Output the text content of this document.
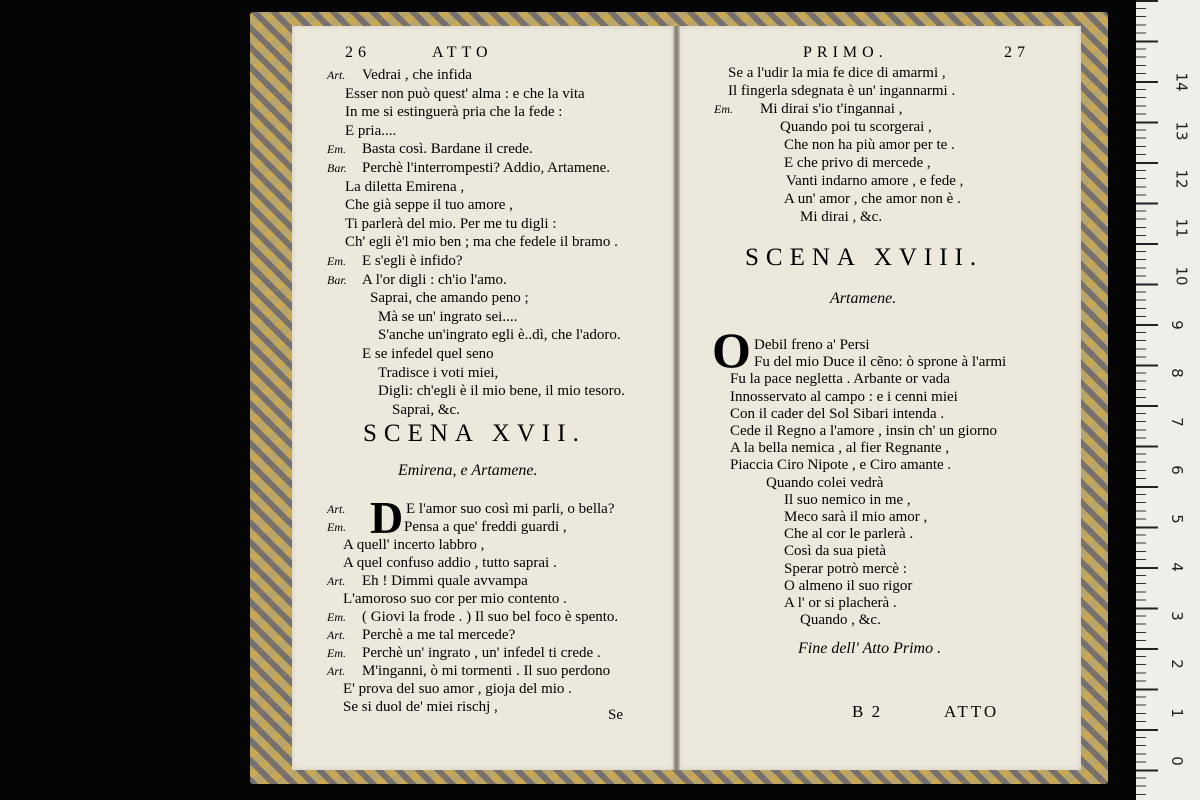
26	ATTO	PRIMO.	27
Art. Vedrai , che infida
Esser non può quest' alma : e che la vita
In me si estinguerà pria che la fede :
E pria....
Em. Basta così. Bardane il crede.
Bar. Perchè l'interrompesti? Addio, Artamene.
La diletta Emirena ,
Che già seppe il tuo amore ,
Ti parlerà del mio. Per me tu digli :
Ch' egli è'l mio ben ; ma che fedele il bramo .
Em. E s'egli è infido?
Bar. A l'or digli : ch'io l'amo.
Saprai, che amando peno ;
Mà se un' ingrato sei....
S'anche un'ingrato egli è..dì, che l'adoro.
E se infedel quel seno
Tradisce i voti miei,
Digli: ch'egli è il mio bene, il mio tesoro.
Saprai, &c.
SCENA XVII.
Emirena, e Artamene.
D
Art.	E l'amor suo così mi parli, o bella?
Em.	Pensa a que' freddi guardi ,
A quell' incerto labbro ,
A quel confuso addio , tutto saprai .
Art. Eh ! Dimmi quale avvampa
L'amoroso suo cor per mio contento .
Em. ( Giovi la frode . ) Il suo bel foco è spento.
Art. Perchè a me tal mercede?
Em. Perchè un' ingrato , un' infedel ti crede .
Art. M'inganni, ò mi tormenti . Il suo perdono
E' prova del suo amor , gioja del mio .
Se si duol de' miei rischj ,	Se
Se a l'udir la mia fe dice di amarmi ,
Il fingerla sdegnata è un' ingannarmi .
Em. Mi dirai s'io t'ingannai ,
Quando poi tu scorgerai ,
Che non ha più amor per te .
E che privo di mercede ,
Vanti indarno amore , e fede ,
A un' amor , che amor non è .
Mi dirai , &c.
SCENA XVIII.
Artamene.
O Debil freno a' Persi
Fu del mio Duce il cẽno: ò sprone à l'armi
Fu la pace negletta . Arbante or vada
Innosservato al campo : e i cenni miei
Con il cader del Sol Sibari intenda .
Cede il Regno a l'amore , insin ch' un giorno
A la bella nemica , al fier Regnante ,
Piaccia Ciro Nipote , e Ciro amante .
Quando colei vedrà
Il suo nemico in me ,
Meco sarà il mio amor ,
Che al cor le parlerà .
Così da sua pietà
Sperar potrò mercè :
O almeno il suo rigor
A l' or si placherà .
Quando , &c.
Fine dell' Atto Primo .
B 2	ATTO
0
1
2
3
4
5
6
7
8
9
10
11
12
13
14
